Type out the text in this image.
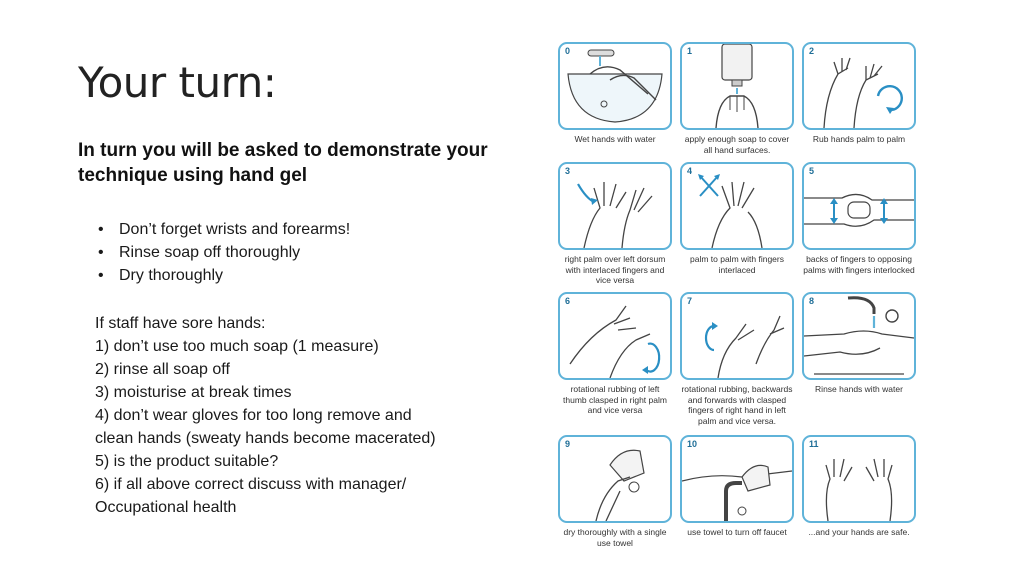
Your turn:
In turn you will be asked to demonstrate your technique using hand gel
• Don’t forget wrists and forearms!
• Rinse soap off thoroughly
• Dry thoroughly
If staff have sore hands:
1) don’t use too much soap (1 measure)
2) rinse all soap off
3) moisturise at break times
4) don’t wear gloves for too long remove and
clean hands (sweaty hands become macerated)
5) is the product suitable?
6) if all above correct discuss with manager/
Occupational health
0
Wet hands with water
1
apply enough soap to cover all hand surfaces.
2
Rub hands palm to palm
3
right palm over left dorsum with interlaced fingers and vice versa
4
palm to palm with fingers interlaced
5
backs of fingers to opposing palms with fingers interlocked
6
rotational rubbing of left thumb clasped in right palm and vice versa
7
rotational rubbing, backwards and forwards with clasped fingers of right hand in left palm and vice versa.
8
Rinse hands with water
9
dry thoroughly with a single use towel
10
use towel to turn off faucet
11
...and your hands are safe.
